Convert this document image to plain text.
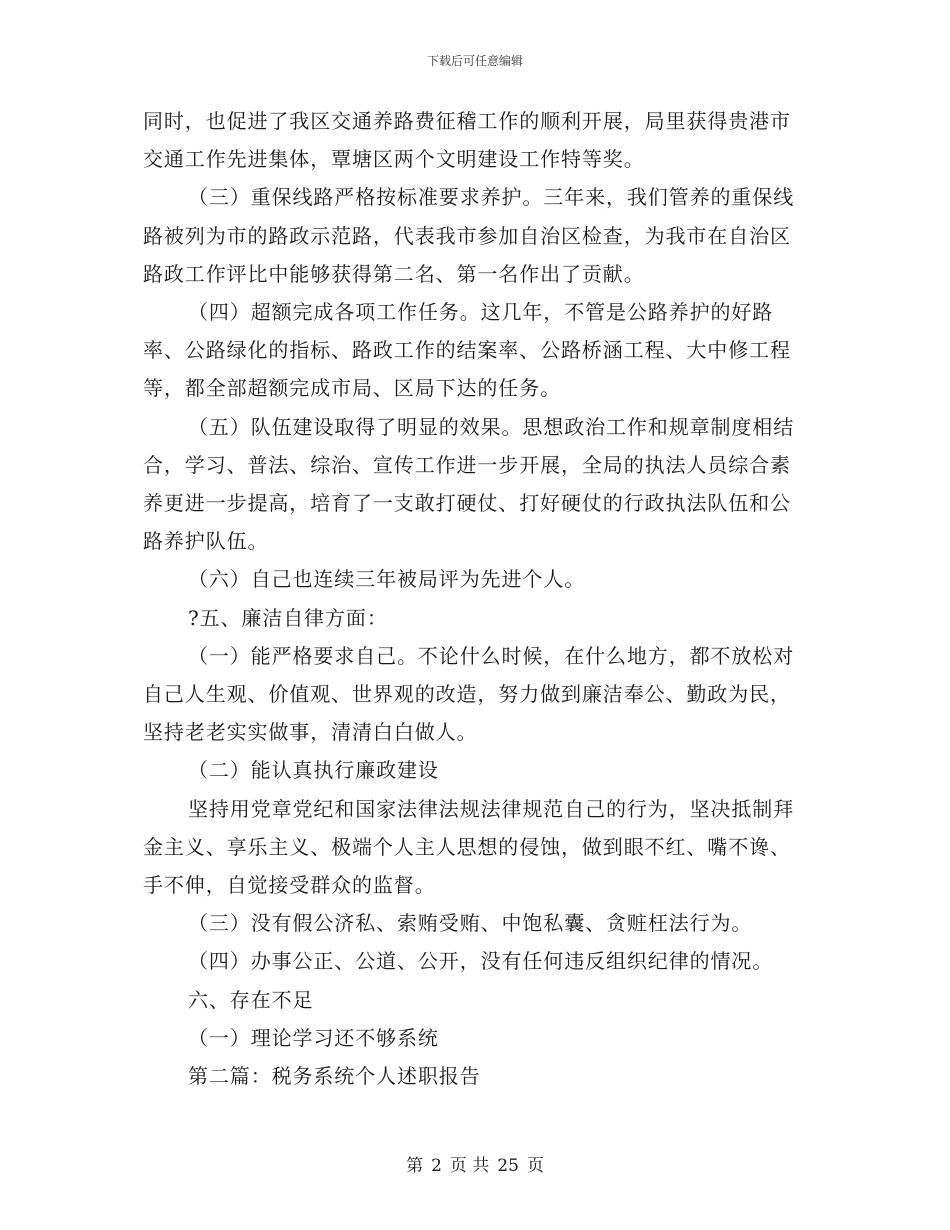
下载后可任意编辑

同时，也促进了我区交通养路费征稽工作的顺利开展，局里获得贵港市交通工作先进集体，覃塘区两个文明建设工作特等奖。

（三）重保线路严格按标准要求养护。三年来，我们管养的重保线路被列为市的路政示范路，代表我市参加自治区检查，为我市在自治区路政工作评比中能够获得第二名、第一名作出了贡献。

（四）超额完成各项工作任务。这几年，不管是公路养护的好路率、公路绿化的指标、路政工作的结案率、公路桥涵工程、大中修工程等，都全部超额完成市局、区局下达的任务。

（五）队伍建设取得了明显的效果。思想政治工作和规章制度相结合，学习、普法、综治、宣传工作进一步开展，全局的执法人员综合素养更进一步提高，培育了一支敢打硬仗、打好硬仗的行政执法队伍和公路养护队伍。

（六）自己也连续三年被局评为先进个人。

?五、廉洁自律方面：

（一）能严格要求自己。不论什么时候，在什么地方，都不放松对自己人生观、价值观、世界观的改造，努力做到廉洁奉公、勤政为民，坚持老老实实做事，清清白白做人。

（二）能认真执行廉政建设

坚持用党章党纪和国家法律法规法律规范自己的行为，坚决抵制拜金主义、享乐主义、极端个人主人思想的侵蚀，做到眼不红、嘴不谗、手不伸，自觉接受群众的监督。

（三）没有假公济私、索贿受贿、中饱私囊、贪赃枉法行为。

（四）办事公正、公道、公开，没有任何违反组织纪律的情况。

六、存在不足

（一）理论学习还不够系统

第二篇：税务系统个人述职报告

第 2 页 共 25 页
